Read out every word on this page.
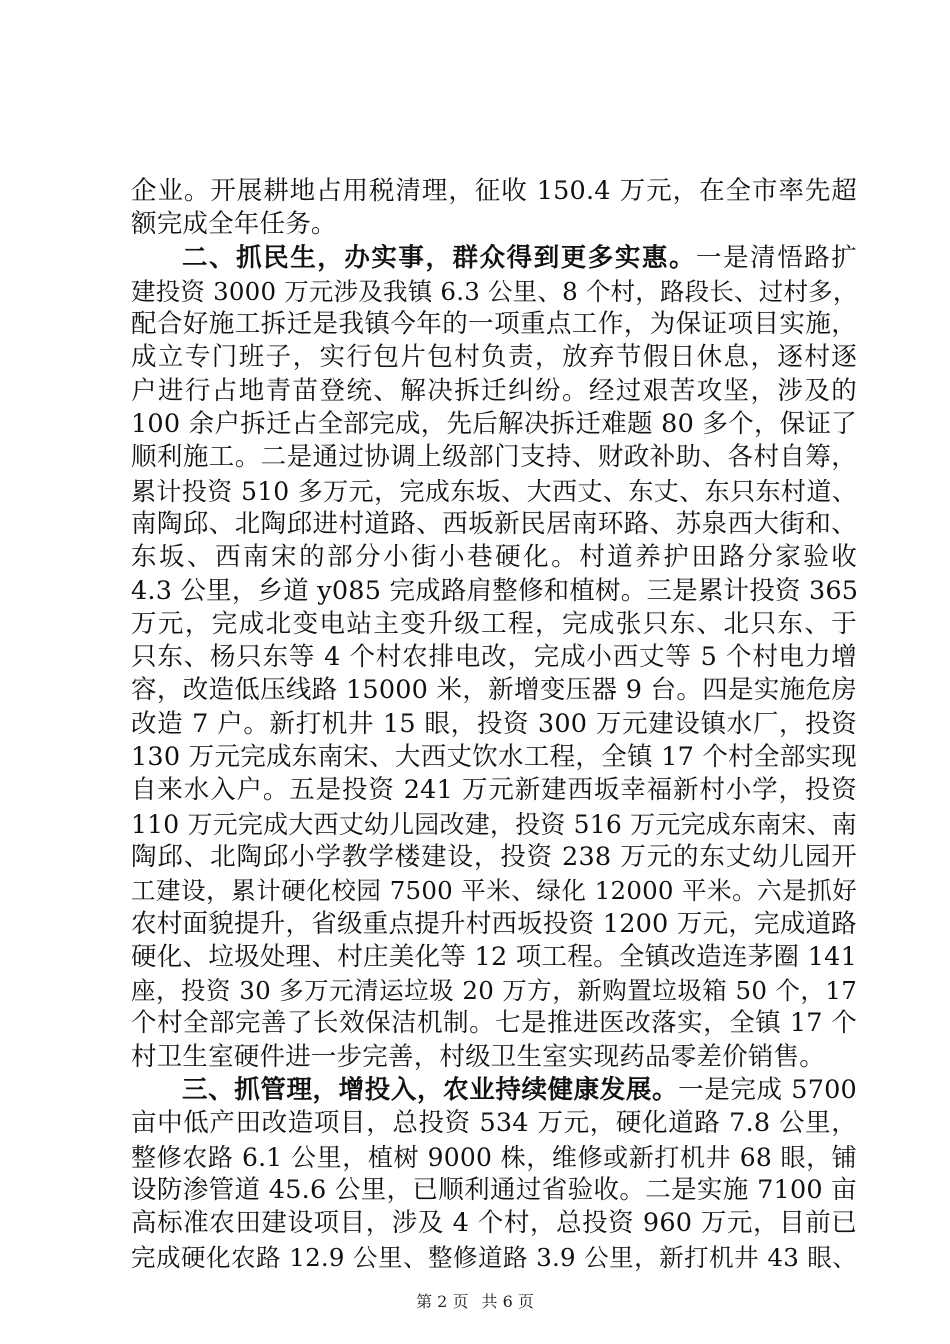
企业。开展耕地占用税清理，征收 150.4 万元，在全市率先超
额完成全年任务。
二、抓民生，办实事，群众得到更多实惠。一是清悟路扩
建投资 3000 万元涉及我镇 6.3 公里、8 个村，路段长、过村多，
配合好施工拆迁是我镇今年的一项重点工作，为保证项目实施，
成立专门班子，实行包片包村负责，放弃节假日休息，逐村逐
户进行占地青苗登统、解决拆迁纠纷。经过艰苦攻坚，涉及的
100 余户拆迁占全部完成，先后解决拆迁难题 80 多个，保证了
顺利施工。二是通过协调上级部门支持、财政补助、各村自筹，
累计投资 510 多万元，完成东坂、大西丈、东丈、东只东村道、
南陶邱、北陶邱进村道路、西坂新民居南环路、苏泉西大街和、
东坂、西南宋的部分小街小巷硬化。村道养护田路分家验收
4.3 公里，乡道 y085 完成路肩整修和植树。三是累计投资 365
万元，完成北变电站主变升级工程，完成张只东、北只东、于
只东、杨只东等 4 个村农排电改，完成小西丈等 5 个村电力增
容，改造低压线路 15000 米，新增变压器 9 台。四是实施危房
改造 7 户。新打机井 15 眼，投资 300 万元建设镇水厂，投资
130 万元完成东南宋、大西丈饮水工程，全镇 17 个村全部实现
自来水入户。五是投资 241 万元新建西坂幸福新村小学，投资
110 万元完成大西丈幼儿园改建，投资 516 万元完成东南宋、南
陶邱、北陶邱小学教学楼建设，投资 238 万元的东丈幼儿园开
工建设，累计硬化校园 7500 平米、绿化 12000 平米。六是抓好
农村面貌提升，省级重点提升村西坂投资 1200 万元，完成道路
硬化、垃圾处理、村庄美化等 12 项工程。全镇改造连茅圈 141
座，投资 30 多万元清运垃圾 20 万方，新购置垃圾箱 50 个，17
个村全部完善了长效保洁机制。七是推进医改落实，全镇 17 个
村卫生室硬件进一步完善，村级卫生室实现药品零差价销售。
三、抓管理，增投入，农业持续健康发展。一是完成 5700
亩中低产田改造项目，总投资 534 万元，硬化道路 7.8 公里，
整修农路 6.1 公里，植树 9000 株，维修或新打机井 68 眼，铺
设防渗管道 45.6 公里，已顺利通过省验收。二是实施 7100 亩
高标准农田建设项目，涉及 4 个村，总投资 960 万元，目前已
完成硬化农路 12.9 公里、整修道路 3.9 公里，新打机井 43 眼、
第 2 页 共 6 页
